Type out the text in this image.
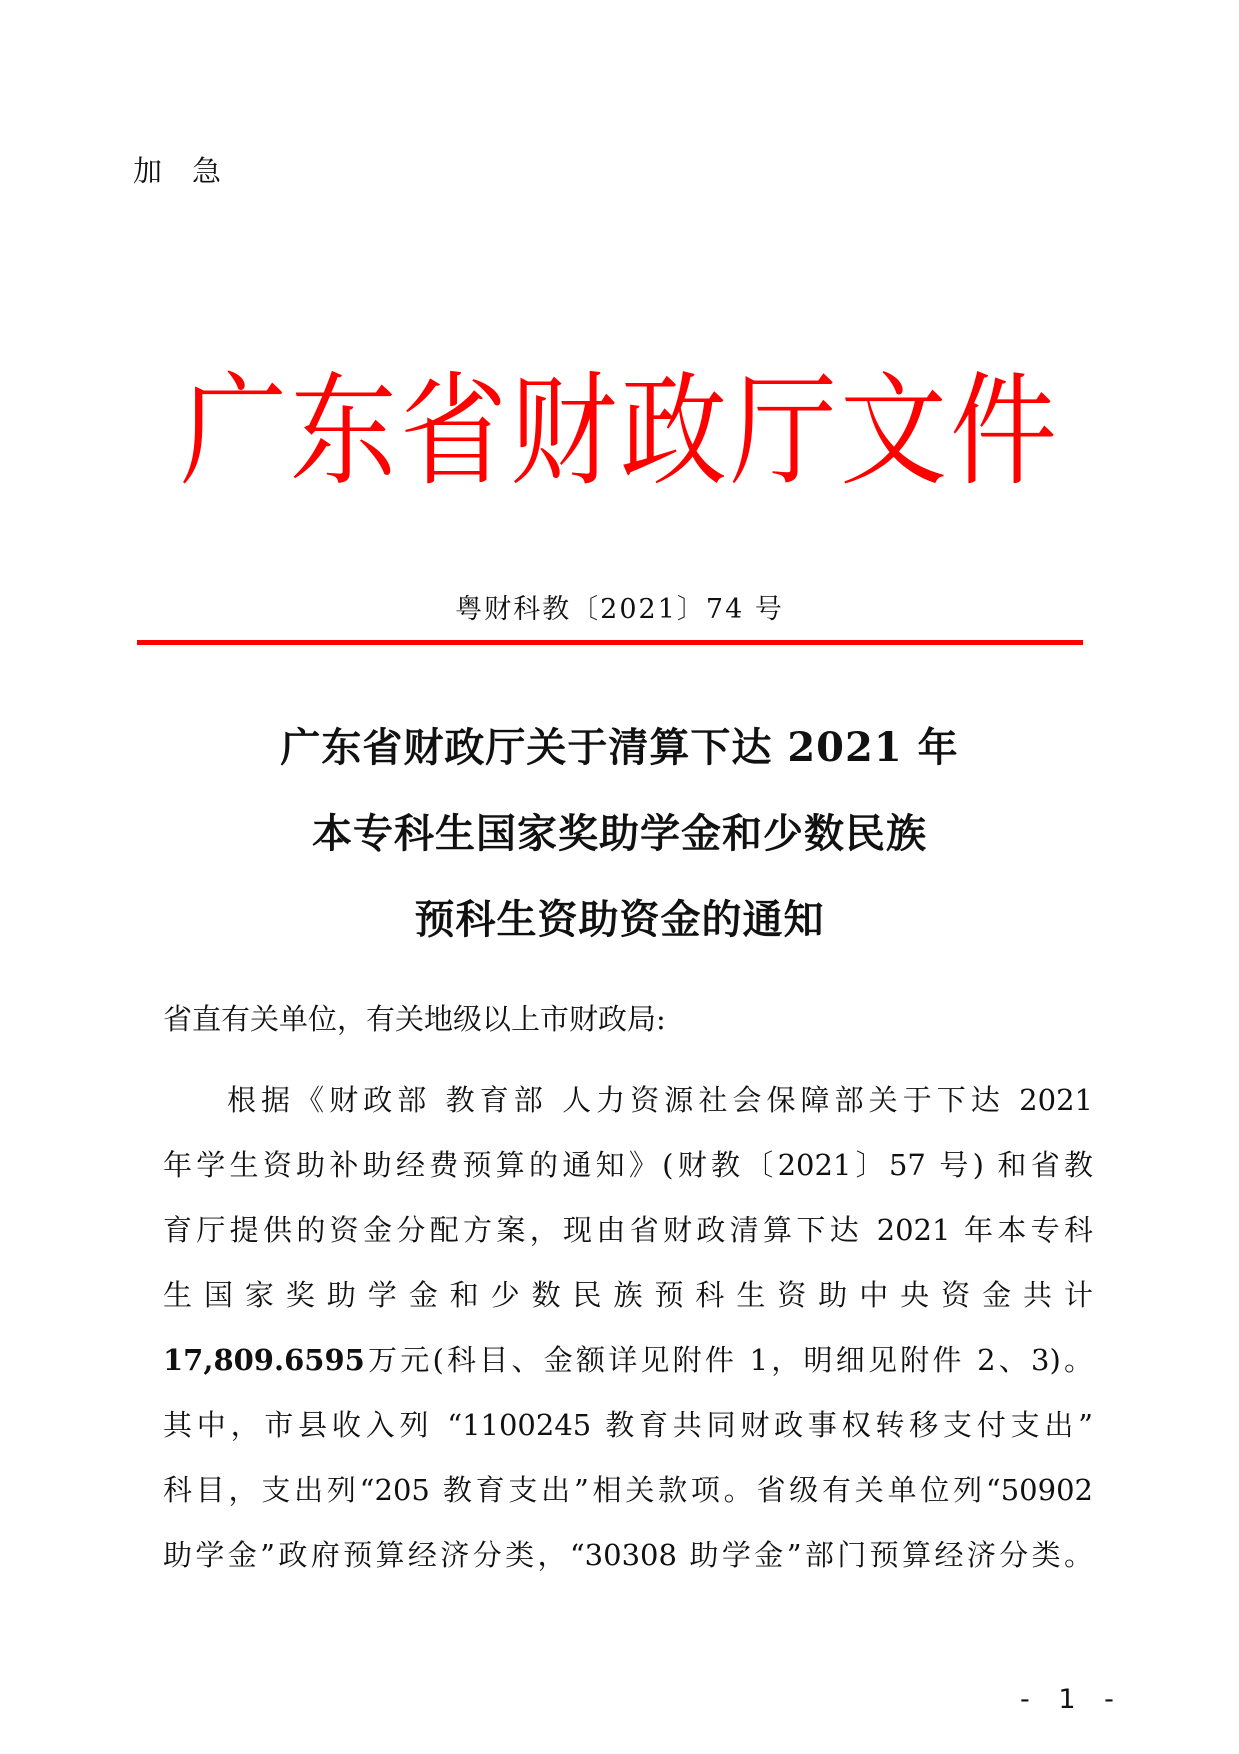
加急
广东省财政厅文件
粤财科教〔2021〕74 号
广东省财政厅关于清算下达 2021 年
本专科生国家奖助学金和少数民族
预科生资助资金的通知
省直有关单位，有关地级以上市财政局:
根据《财政部 教育部 人力资源社会保障部关于下达 2021
年学生资助补助经费预算的通知》(财教〔2021〕57 号) 和省教
育厅提供的资金分配方案，现由省财政清算下达 2021 年本专科
生国家奖助学金和少数民族预科生资助中央资金共计
17,809.6595万元(科目、金额详见附件 1，明细见附件 2、3)。
其中，市县收入列 “1100245 教育共同财政事权转移支付支出”
科目，支出列“205 教育支出”相关款项。省级有关单位列“50902
助学金”政府预算经济分类，“30308 助学金”部门预算经济分类。
- 1 -
